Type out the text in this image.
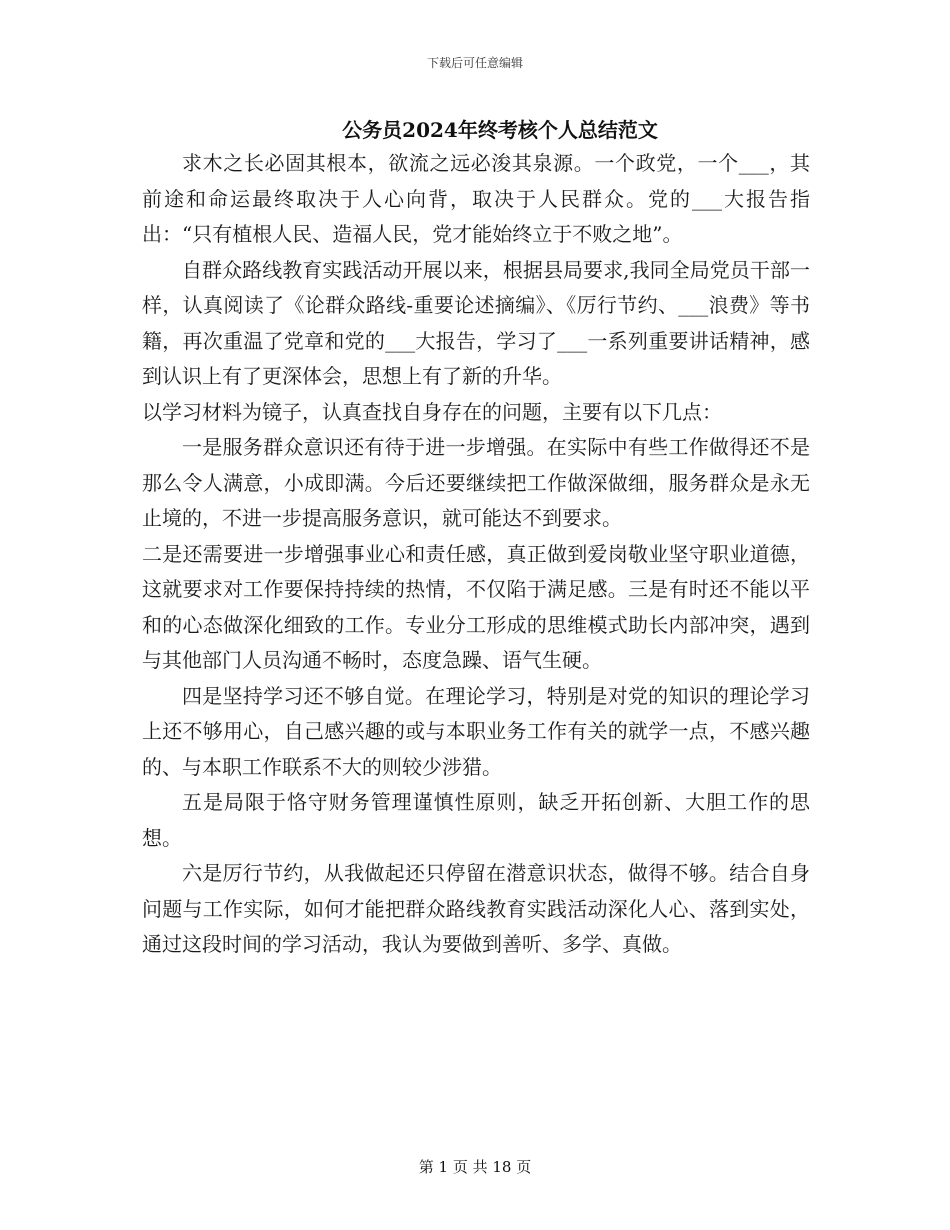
下载后可任意编辑
公务员2024年终考核个人总结范文

求木之长必固其根本，欲流之远必浚其泉源。一个政党，一个___，其前途和命运最终取决于人心向背，取决于人民群众。党的___大报告指出：“只有植根人民、造福人民，党才能始终立于不败之地”。

自群众路线教育实践活动开展以来，根据县局要求,我同全局党员干部一样，认真阅读了《论群众路线-重要论述摘编》、《厉行节约、___浪费》等书籍，再次重温了党章和党的___大报告，学习了___一系列重要讲话精神，感到认识上有了更深体会，思想上有了新的升华。

以学习材料为镜子，认真查找自身存在的问题，主要有以下几点：

一是服务群众意识还有待于进一步增强。在实际中有些工作做得还不是那么令人满意，小成即满。今后还要继续把工作做深做细，服务群众是永无止境的，不进一步提高服务意识，就可能达不到要求。

二是还需要进一步增强事业心和责任感，真正做到爱岗敬业坚守职业道德，这就要求对工作要保持持续的热情，不仅陷于满足感。三是有时还不能以平和的心态做深化细致的工作。专业分工形成的思维模式助长内部冲突，遇到与其他部门人员沟通不畅时，态度急躁、语气生硬。

四是坚持学习还不够自觉。在理论学习，特别是对党的知识的理论学习上还不够用心，自己感兴趣的或与本职业务工作有关的就学一点，不感兴趣的、与本职工作联系不大的则较少涉猎。

五是局限于恪守财务管理谨慎性原则，缺乏开拓创新、大胆工作的思想。

六是厉行节约，从我做起还只停留在潜意识状态，做得不够。结合自身问题与工作实际，如何才能把群众路线教育实践活动深化人心、落到实处，通过这段时间的学习活动，我认为要做到善听、多学、真做。

第 1 页 共 18 页
